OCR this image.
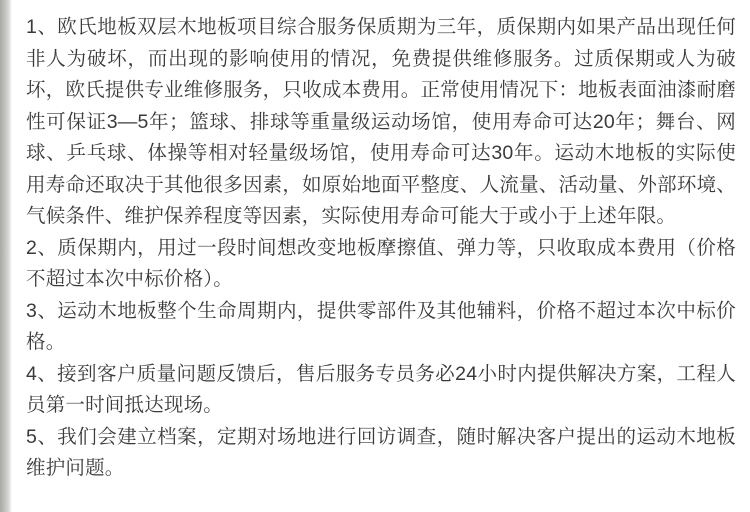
1、欧氏地板双层木地板项目综合服务保质期为三年，质保期内如果产品出现任何非人为破坏，而出现的影响使用的情况，免费提供维修服务。过质保期或人为破坏，欧氏提供专业维修服务，只收成本费用。正常使用情况下：地板表面油漆耐磨性可保证3—5年；篮球、排球等重量级运动场馆，使用寿命可达20年；舞台、网球、乒乓球、体操等相对轻量级场馆，使用寿命可达30年。运动木地板的实际使用寿命还取决于其他很多因素，如原始地面平整度、人流量、活动量、外部环境、气候条件、维护保养程度等因素，实际使用寿命可能大于或小于上述年限。

2、质保期内，用过一段时间想改变地板摩擦值、弹力等，只收取成本费用（价格不超过本次中标价格）。

3、运动木地板整个生命周期内，提供零部件及其他辅料，价格不超过本次中标价格。

4、接到客户质量问题反馈后，售后服务专员务必24小时内提供解决方案，工程人员第一时间抵达现场。

5、我们会建立档案，定期对场地进行回访调查，随时解决客户提出的运动木地板维护问题。
